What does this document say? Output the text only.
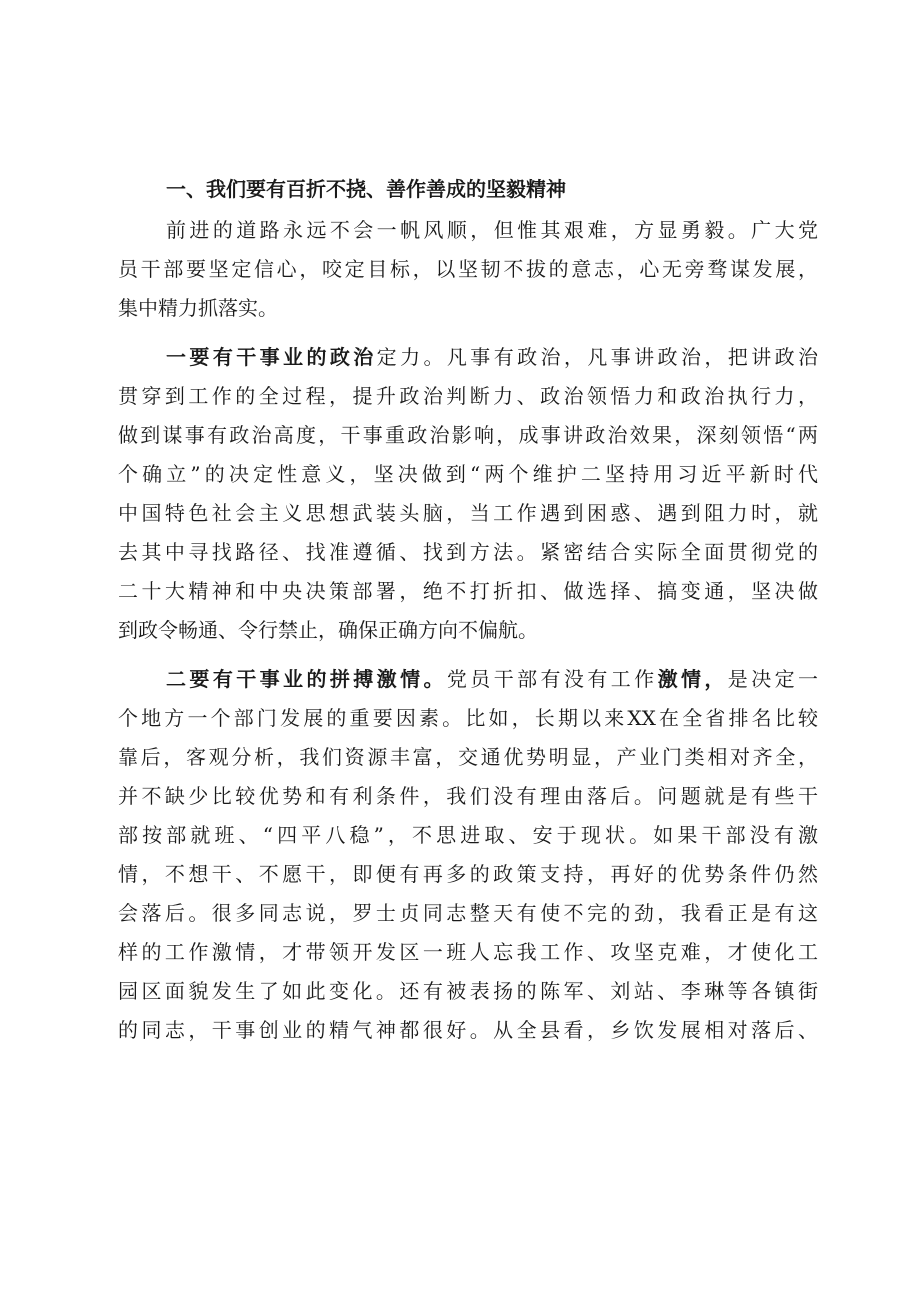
一、我们要有百折不挠、善作善成的坚毅精神
前进的道路永远不会一帆风顺，但惟其艰难，方显勇毅。广大党
员干部要坚定信心，咬定目标，以坚韧不拔的意志，心无旁骛谋发展，
集中精力抓落实。
一要有干事业的政治定力。凡事有政治，凡事讲政治，把讲政治
贯穿到工作的全过程，提升政治判断力、政治领悟力和政治执行力，
做到谋事有政治高度，干事重政治影响，成事讲政治效果，深刻领悟“两
个确立”的决定性意义，坚决做到“两个维护二坚持用习近平新时代
中国特色社会主义思想武装头脑，当工作遇到困惑、遇到阻力时，就
去其中寻找路径、找准遵循、找到方法。紧密结合实际全面贯彻党的
二十大精神和中央决策部署，绝不打折扣、做选择、搞变通，坚决做
到政令畅通、令行禁止，确保正确方向不偏航。
二要有干事业的拼搏激情。党员干部有没有工作激情，是决定一
个地方一个部门发展的重要因素。比如，长期以来XX在全省排名比较
靠后，客观分析，我们资源丰富，交通优势明显，产业门类相对齐全，
并不缺少比较优势和有利条件，我们没有理由落后。问题就是有些干
部按部就班、“四平八稳”，不思进取、安于现状。如果干部没有激
情，不想干、不愿干，即便有再多的政策支持，再好的优势条件仍然
会落后。很多同志说，罗士贞同志整天有使不完的劲，我看正是有这
样的工作激情，才带领开发区一班人忘我工作、攻坚克难，才使化工
园区面貌发生了如此变化。还有被表扬的陈军、刘站、李琳等各镇街
的同志，干事创业的精气神都很好。从全县看，乡饮发展相对落后、
